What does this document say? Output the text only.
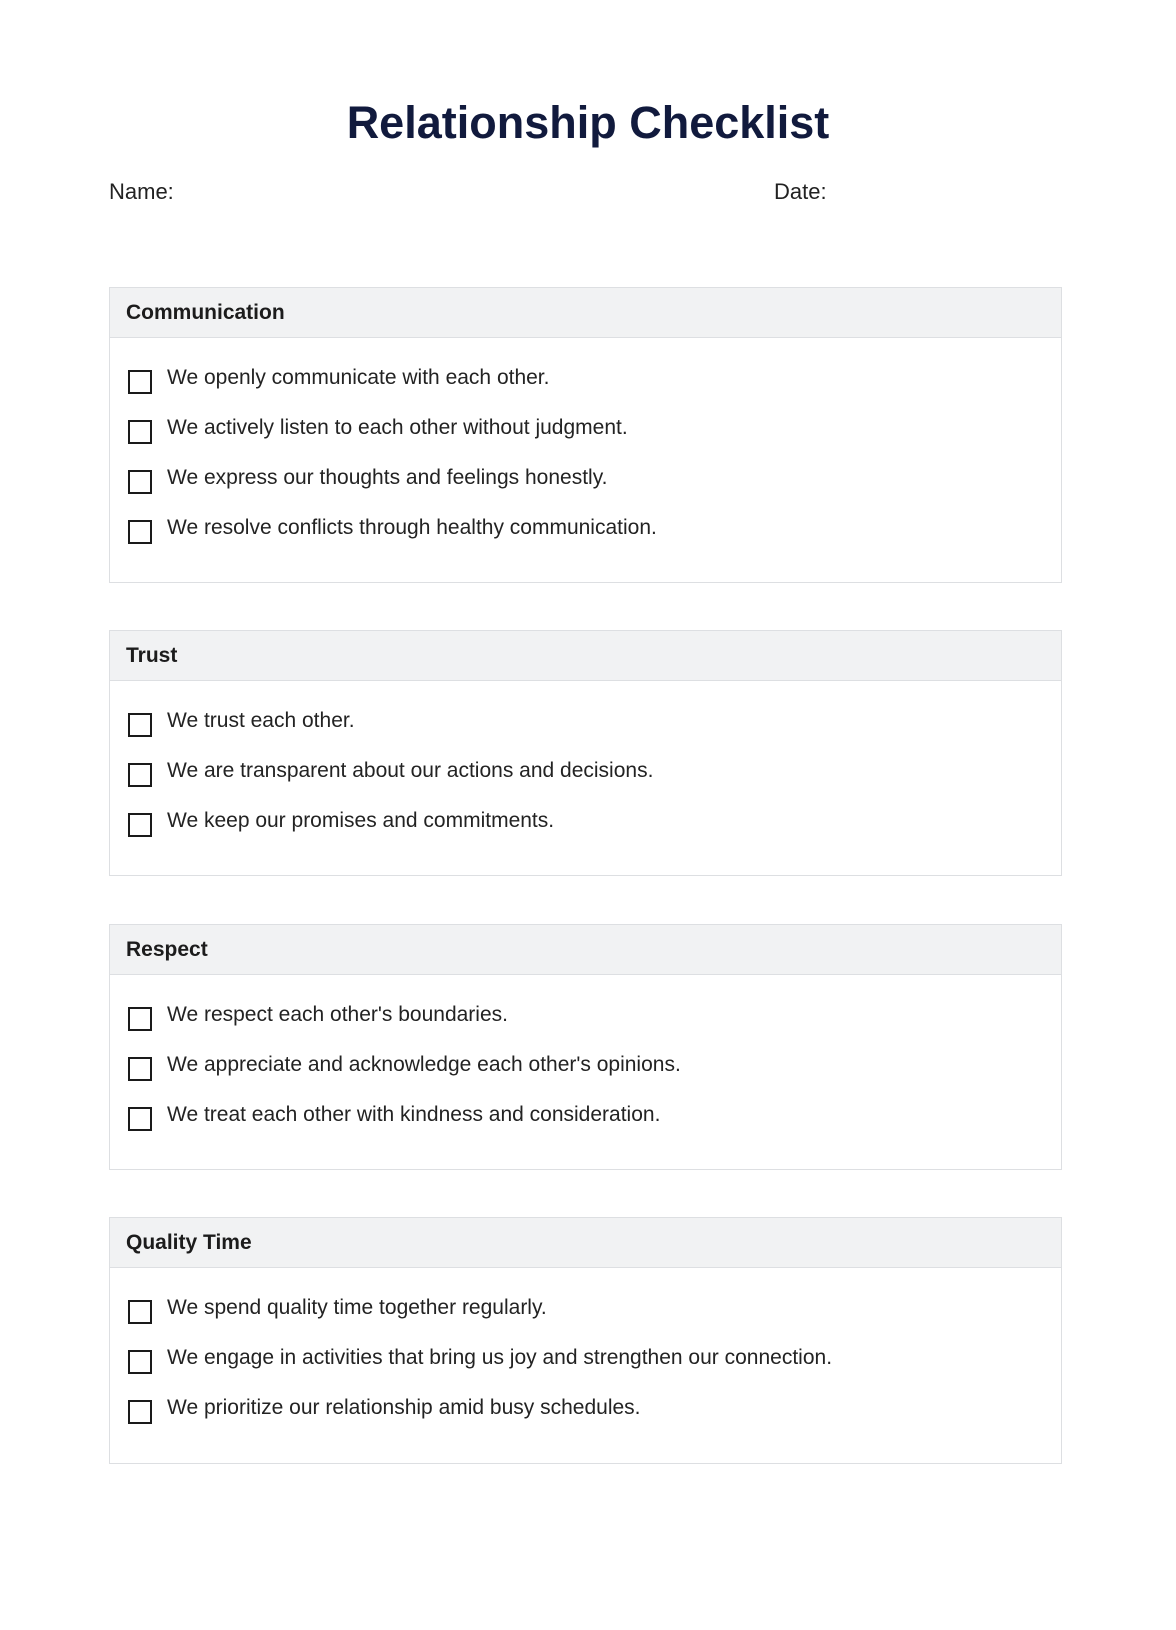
Relationship Checklist
Name:	Date:
Communication
We openly communicate with each other.
We actively listen to each other without judgment.
We express our thoughts and feelings honestly.
We resolve conflicts through healthy communication.
Trust
We trust each other.
We are transparent about our actions and decisions.
We keep our promises and commitments.
Respect
We respect each other's boundaries.
We appreciate and acknowledge each other's opinions.
We treat each other with kindness and consideration.
Quality Time
We spend quality time together regularly.
We engage in activities that bring us joy and strengthen our connection.
We prioritize our relationship amid busy schedules.
